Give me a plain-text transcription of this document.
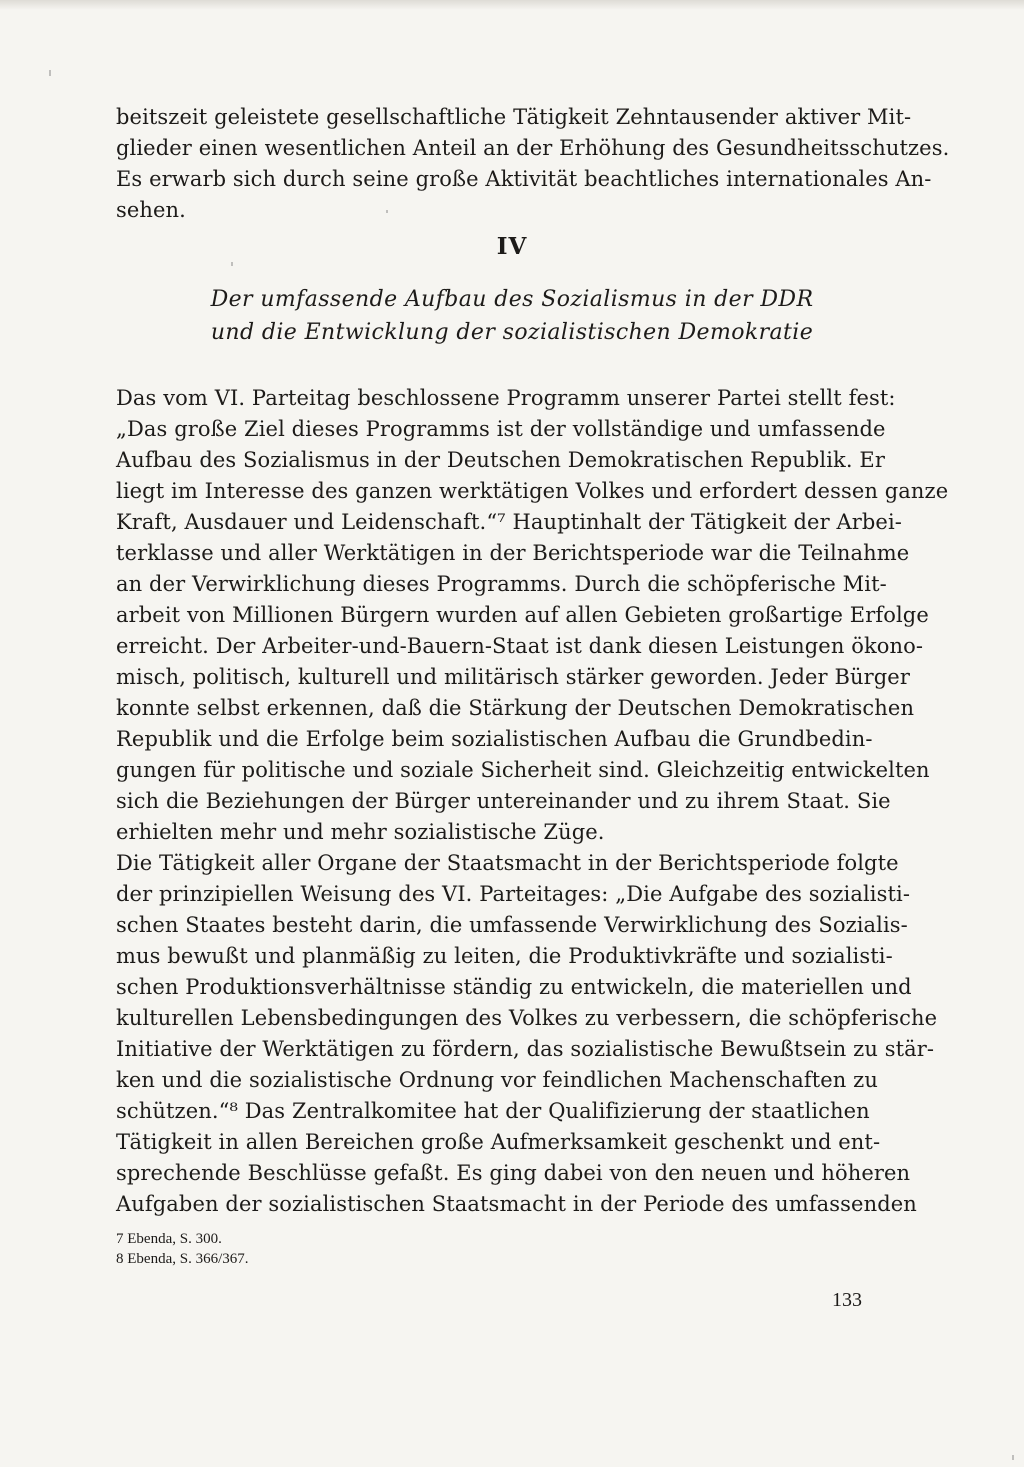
beitszeit geleistete gesellschaftliche Tätigkeit Zehntausender aktiver Mit-

glieder einen wesentlichen Anteil an der Erhöhung des Gesundheitsschutzes.

Es erwarb sich durch seine große Aktivität beachtliches internationales An-

sehen.

IV

Der umfassende Aufbau des Sozialismus in der DDR

und die Entwicklung der sozialistischen Demokratie

Das vom VI. Parteitag beschlossene Programm unserer Partei stellt fest:

„Das große Ziel dieses Programms ist der vollständige und umfassende

Aufbau des Sozialismus in der Deutschen Demokratischen Republik. Er

liegt im Interesse des ganzen werktätigen Volkes und erfordert dessen ganze

Kraft, Ausdauer und Leidenschaft.“⁷ Hauptinhalt der Tätigkeit der Arbei-

terklasse und aller Werktätigen in der Berichtsperiode war die Teilnahme

an der Verwirklichung dieses Programms. Durch die schöpferische Mit-

arbeit von Millionen Bürgern wurden auf allen Gebieten großartige Erfolge

erreicht. Der Arbeiter-und-Bauern-Staat ist dank diesen Leistungen ökono-

misch, politisch, kulturell und militärisch stärker geworden. Jeder Bürger

konnte selbst erkennen, daß die Stärkung der Deutschen Demokratischen

Republik und die Erfolge beim sozialistischen Aufbau die Grundbedin-

gungen für politische und soziale Sicherheit sind. Gleichzeitig entwickelten

sich die Beziehungen der Bürger untereinander und zu ihrem Staat. Sie

erhielten mehr und mehr sozialistische Züge.

Die Tätigkeit aller Organe der Staatsmacht in der Berichtsperiode folgte

der prinzipiellen Weisung des VI. Parteitages: „Die Aufgabe des sozialisti-

schen Staates besteht darin, die umfassende Verwirklichung des Sozialis-

mus bewußt und planmäßig zu leiten, die Produktivkräfte und sozialisti-

schen Produktionsverhältnisse ständig zu entwickeln, die materiellen und

kulturellen Lebensbedingungen des Volkes zu verbessern, die schöpferische

Initiative der Werktätigen zu fördern, das sozialistische Bewußtsein zu stär-

ken und die sozialistische Ordnung vor feindlichen Machenschaften zu

schützen.“⁸ Das Zentralkomitee hat der Qualifizierung der staatlichen

Tätigkeit in allen Bereichen große Aufmerksamkeit geschenkt und ent-

sprechende Beschlüsse gefaßt. Es ging dabei von den neuen und höheren

Aufgaben der sozialistischen Staatsmacht in der Periode des umfassenden

7 Ebenda, S. 300.

8 Ebenda, S. 366/367.

133
